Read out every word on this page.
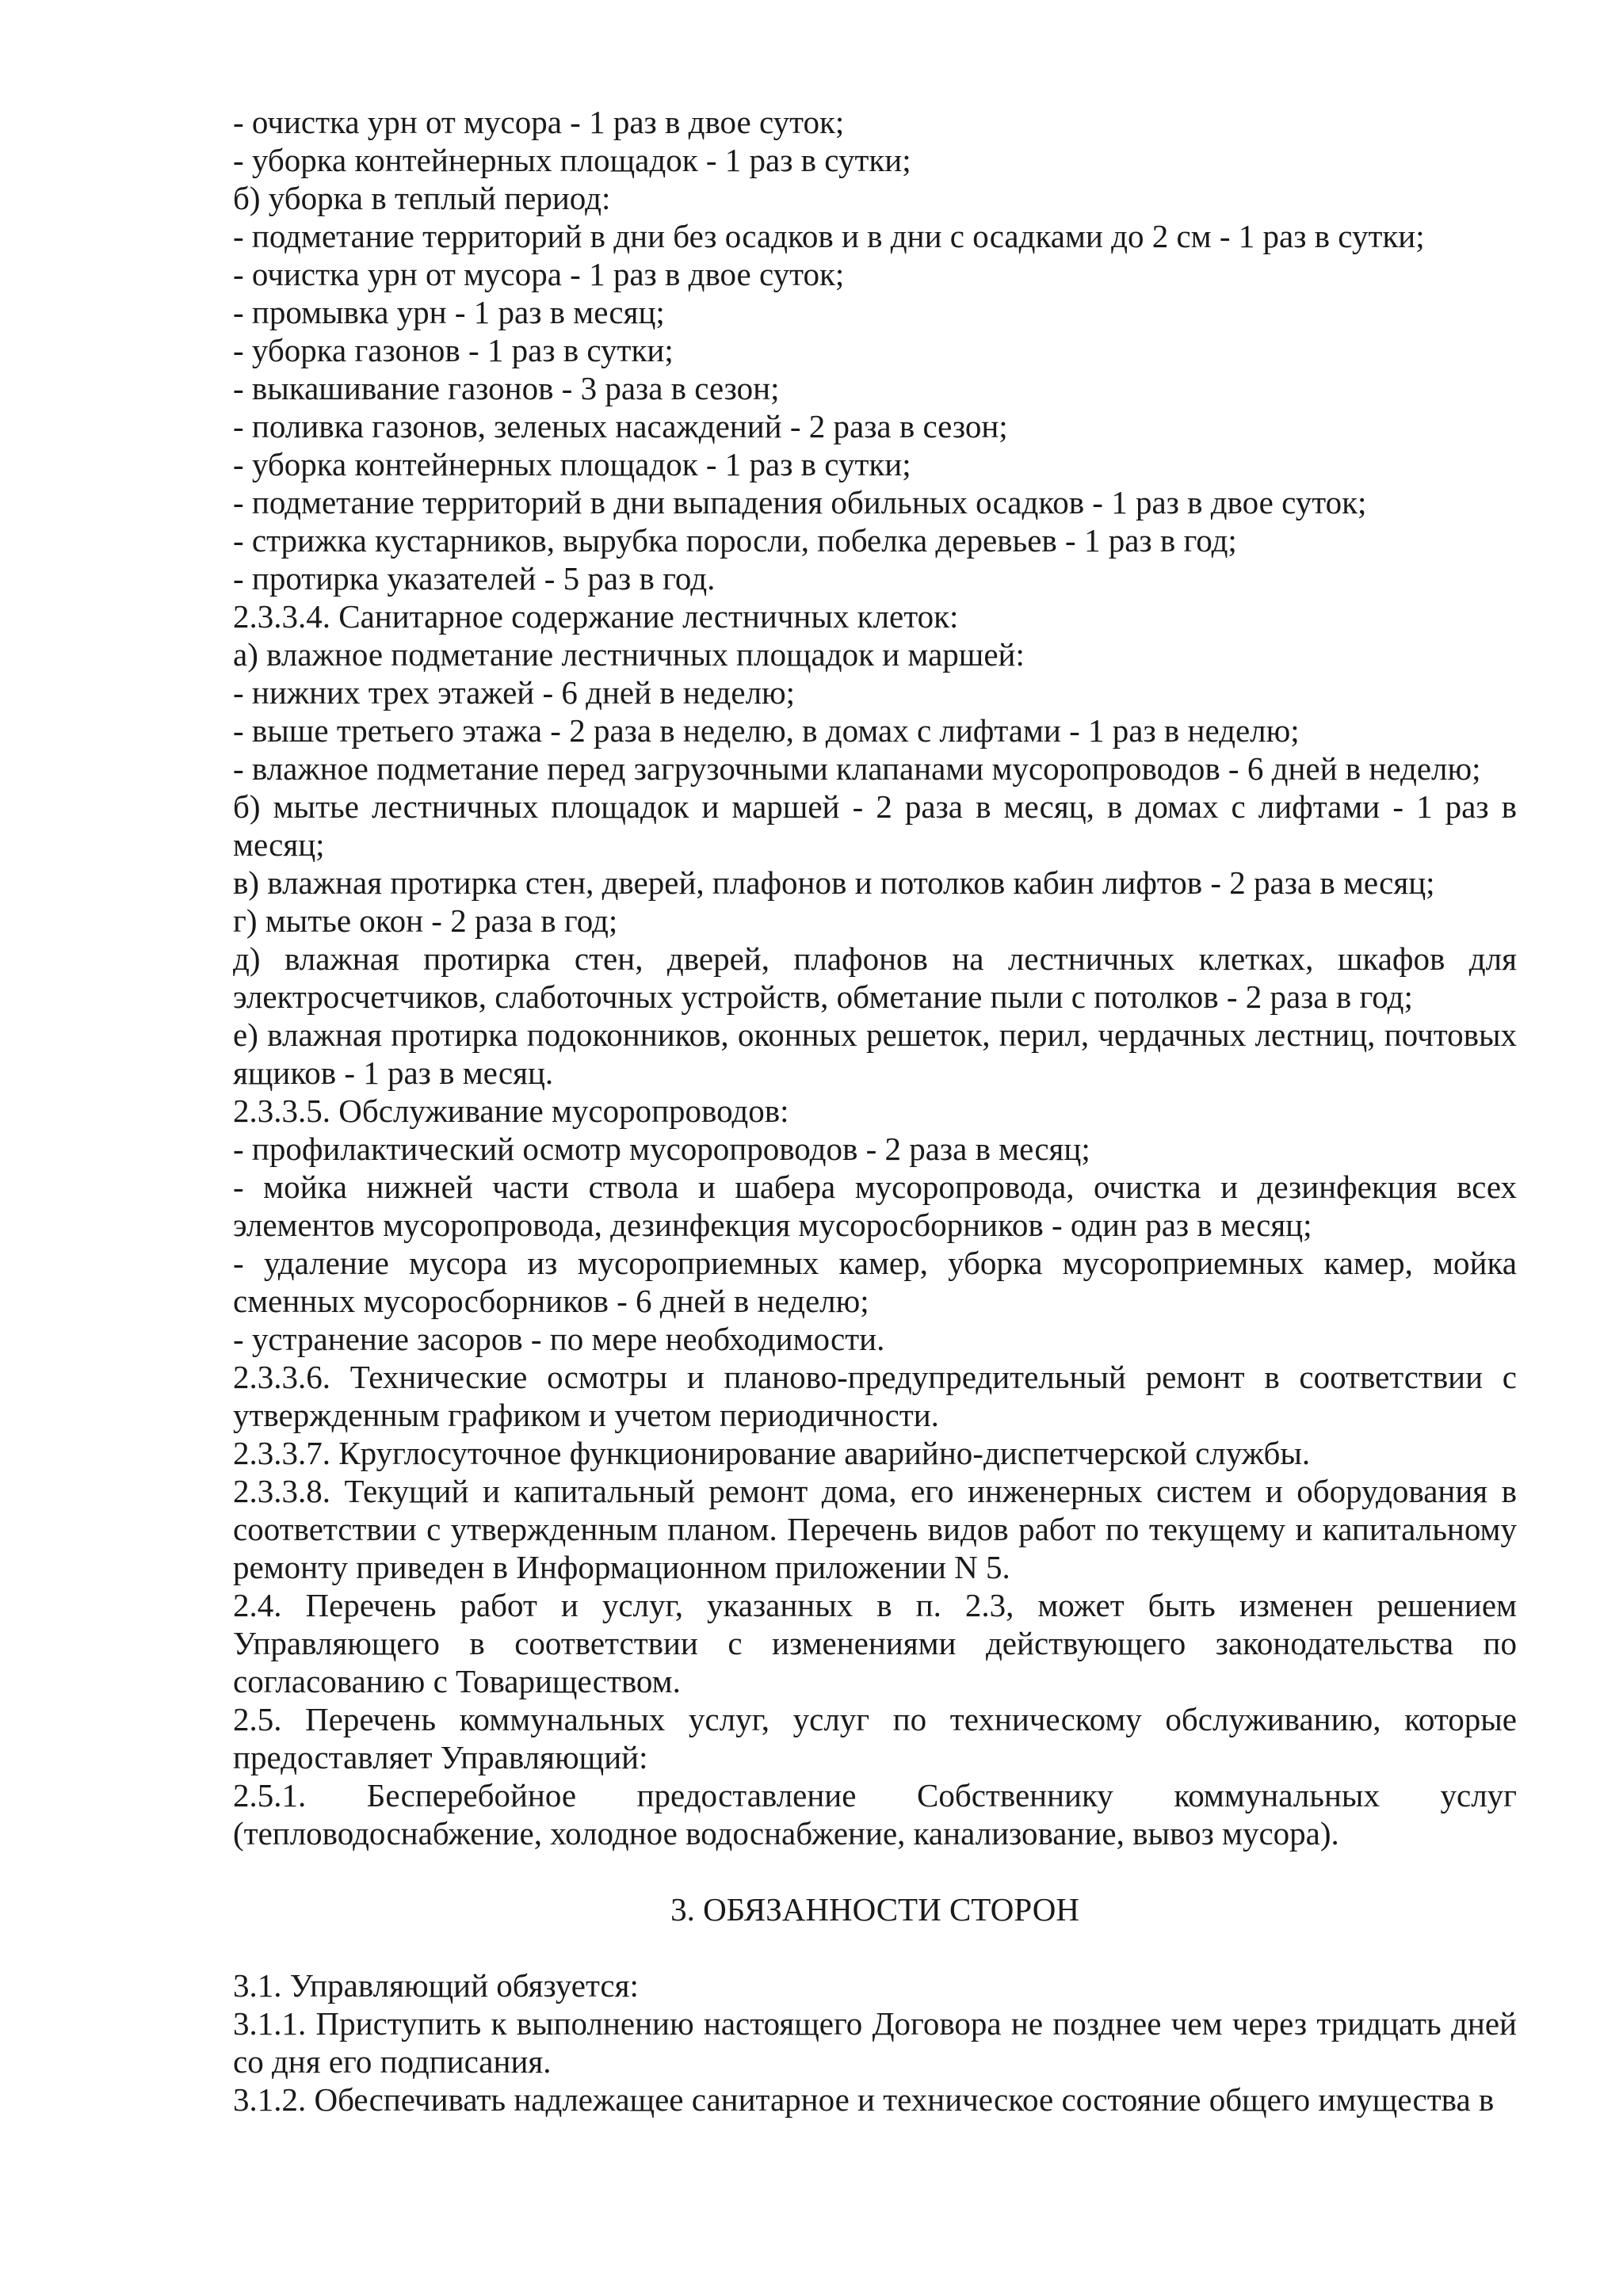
- очистка урн от мусора - 1 раз в двое суток;
- уборка контейнерных площадок - 1 раз в сутки;
б) уборка в теплый период:
- подметание территорий в дни без осадков и в дни с осадками до 2 см - 1 раз в сутки;
- очистка урн от мусора - 1 раз в двое суток;
- промывка урн - 1 раз в месяц;
- уборка газонов - 1 раз в сутки;
- выкашивание газонов - 3 раза в сезон;
- поливка газонов, зеленых насаждений - 2 раза в сезон;
- уборка контейнерных площадок - 1 раз в сутки;
- подметание территорий в дни выпадения обильных осадков - 1 раз в двое суток;
- стрижка кустарников, вырубка поросли, побелка деревьев - 1 раз в год;
- протирка указателей - 5 раз в год.
2.3.3.4. Санитарное содержание лестничных клеток:
а) влажное подметание лестничных площадок и маршей:
- нижних трех этажей - 6 дней в неделю;
- выше третьего этажа - 2 раза в неделю, в домах с лифтами - 1 раз в неделю;
- влажное подметание перед загрузочными клапанами мусоропроводов - 6 дней в неделю;
б) мытье лестничных площадок и маршей - 2 раза в месяц, в домах с лифтами - 1 раз в месяц;
в) влажная протирка стен, дверей, плафонов и потолков кабин лифтов - 2 раза в месяц;
г) мытье окон - 2 раза в год;
д) влажная протирка стен, дверей, плафонов на лестничных клетках, шкафов для электросчетчиков, слаботочных устройств, обметание пыли с потолков - 2 раза в год;
е) влажная протирка подоконников, оконных решеток, перил, чердачных лестниц, почтовых ящиков - 1 раз в месяц.
2.3.3.5. Обслуживание мусоропроводов:
- профилактический осмотр мусоропроводов - 2 раза в месяц;
- мойка нижней части ствола и шабера мусоропровода, очистка и дезинфекция всех элементов мусоропровода, дезинфекция мусоросборников - один раз в месяц;
- удаление мусора из мусороприемных камер, уборка мусороприемных камер, мойка сменных мусоросборников - 6 дней в неделю;
- устранение засоров - по мере необходимости.
2.3.3.6. Технические осмотры и планово-предупредительный ремонт в соответствии с утвержденным графиком и учетом периодичности.
2.3.3.7. Круглосуточное функционирование аварийно-диспетчерской службы.
2.3.3.8. Текущий и капитальный ремонт дома, его инженерных систем и оборудования в соответствии с утвержденным планом. Перечень видов работ по текущему и капитальному ремонту приведен в Информационном приложении N 5.
2.4. Перечень работ и услуг, указанных в п. 2.3, может быть изменен решением Управляющего в соответствии с изменениями действующего законодательства по согласованию с Товариществом.
2.5. Перечень коммунальных услуг, услуг по техническому обслуживанию, которые предоставляет Управляющий:
2.5.1. Бесперебойное предоставление Собственнику коммунальных услуг (тепловодоснабжение, холодное водоснабжение, канализование, вывоз мусора).
3. ОБЯЗАННОСТИ СТОРОН
3.1. Управляющий обязуется:
3.1.1. Приступить к выполнению настоящего Договора не позднее чем через тридцать дней со дня его подписания.
3.1.2. Обеспечивать надлежащее санитарное и техническое состояние общего имущества в
